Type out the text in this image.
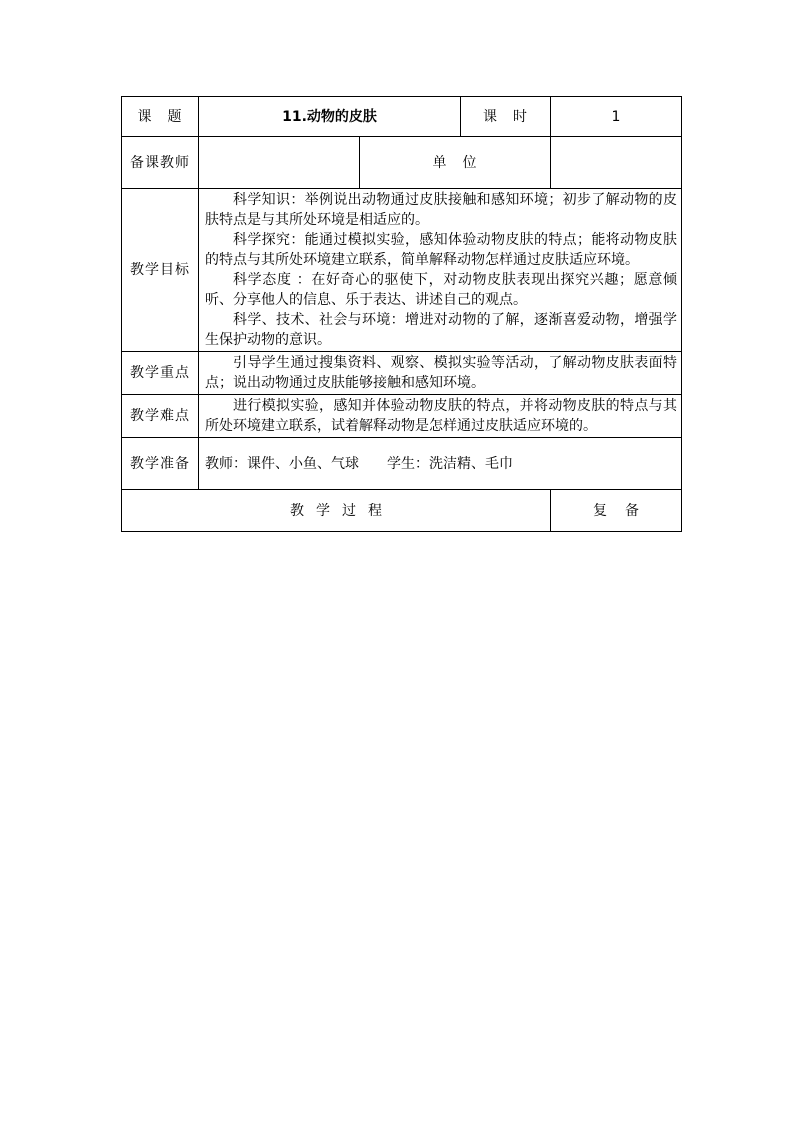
课　题	11.动物的皮肤		课　时	1
备课教师		单　位		
教学目标	科学知识：举例说出动物通过皮肤接触和感知环境；初步了解动物的皮肤特点是与其所处环境是相适应的。

科学探究：能通过模拟实验，感知体验动物皮肤的特点；能将动物皮肤的特点与其所处环境建立联系，简单解释动物怎样通过皮肤适应环境。

科学态度 ：在好奇心的驱使下，对动物皮肤表现出探究兴趣；愿意倾听、分享他人的信息、乐于表达、讲述自己的观点。

科学、技术、社会与环境：增进对动物的了解，逐渐喜爱动物，增强学生保护动物的意识。			

教学重点	引导学生通过搜集资料、观察、模拟实验等活动，了解动物皮肤表面特点；说出动物通过皮肤能够接触和感知环境。			

教学难点	进行模拟实验，感知并体验动物皮肤的特点，并将动物皮肤的特点与其所处环境建立联系，试着解释动物是怎样通过皮肤适应环境的。			

教学准备	教师：课件、小鱼、气球　　学生：洗洁精、毛巾			
教学过程				复备
